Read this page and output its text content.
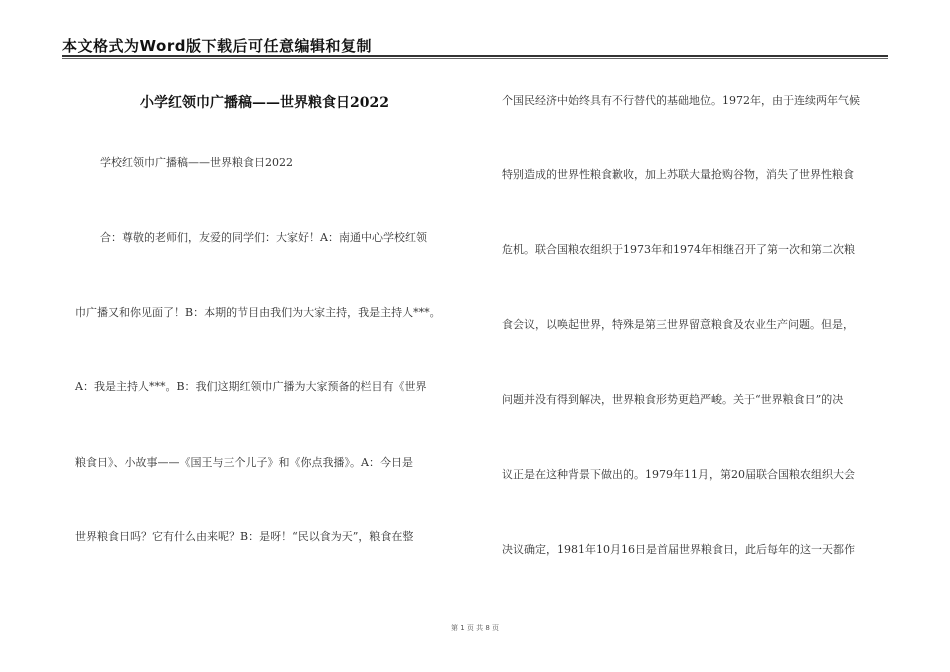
本文格式为Word版下载后可任意编辑和复制
小学红领巾广播稿——世界粮食日2022
学校红领巾广播稿——世界粮食日2022
合：尊敬的老师们，友爱的同学们：大家好！A：南通中心学校红领
巾广播又和你见面了！B：本期的节目由我们为大家主持，我是主持人***。
A：我是主持人***。B：我们这期红领巾广播为大家预备的栏目有《世界
粮食日》、小故事——《国王与三个儿子》和《你点我播》。A：今日是
世界粮食日吗？它有什么由来呢？B：是呀！“民以食为天”，粮食在整
个国民经济中始终具有不行替代的基础地位。1972年，由于连续两年气候
特别造成的世界性粮食歉收，加上苏联大量抢购谷物，消失了世界性粮食
危机。联合国粮农组织于1973年和1974年相继召开了第一次和第二次粮
食会议，以唤起世界，特殊是第三世界留意粮食及农业生产问题。但是，
问题并没有得到解决，世界粮食形势更趋严峻。关于“世界粮食日”的决
议正是在这种背景下做出的。1979年11月，第20届联合国粮农组织大会
决议确定，1981年10月16日是首届世界粮食日，此后每年的这一天都作
第 1 页 共 8 页
